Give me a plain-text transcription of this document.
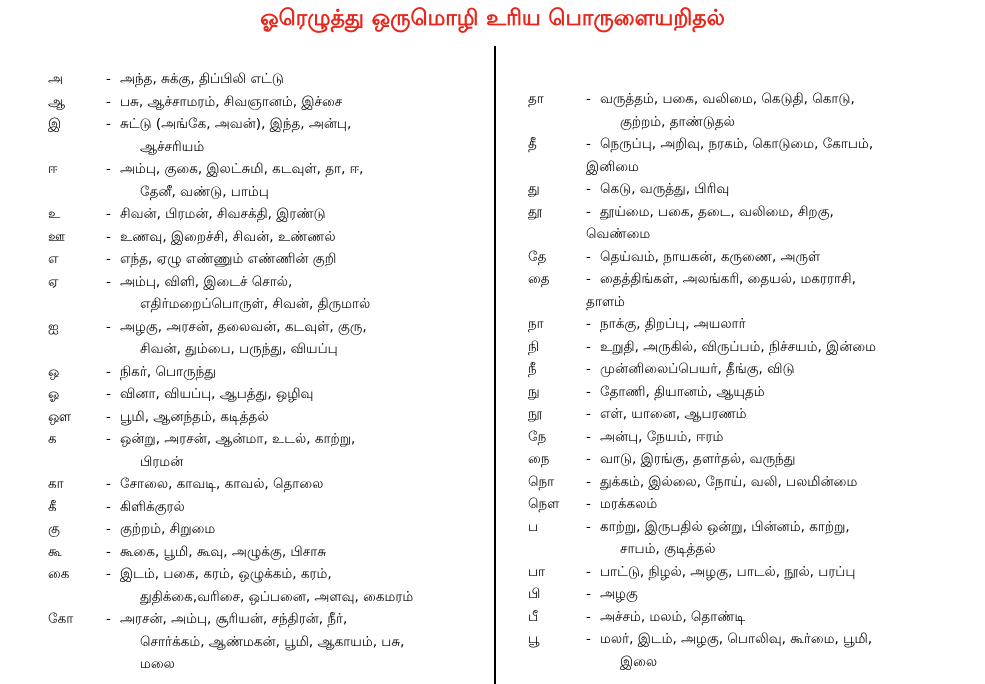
ஓரெழுத்து ஒருமொழி உரிய பொருளையறிதல்
அ	- அந்த, சுக்கு, திப்பிலி எட்டு
ஆ	- பசு, ஆச்சாமரம், சிவஞானம், இச்சை
இ	- சுட்டு (அங்கே, அவன்), இந்த, அன்பு,
ஆச்சரியம்
ஈ	- அம்பு, குகை, இலட்சுமி, கடவுள், தா, ஈ,
தேனீ, வண்டு, பாம்பு
உ	- சிவன், பிரமன், சிவசக்தி, இரண்டு
ஊ	- உணவு, இறைச்சி, சிவன், உண்ணல்
எ	- எந்த, ஏழு எண்ணும் எண்ணின் குறி
ஏ	- அம்பு, விளி, இடைச் சொல்,
எதிர்மறைப்பொருள், சிவன், திருமால்
ஐ	- அழகு, அரசன், தலைவன், கடவுள், குரு,
சிவன், தும்பை, பருந்து, வியப்பு
ஒ	- நிகர், பொருந்து
ஓ	- வினா, வியப்பு, ஆபத்து, ஒழிவு
ஔ	- பூமி, ஆனந்தம், கடித்தல்
க	- ஒன்று, அரசன், ஆன்மா, உடல், காற்று,
பிரமன்
கா	- சோலை, காவடி, காவல், தொலை
கீ	- கிளிக்குரல்
கு	- குற்றம், சிறுமை
கூ	- கூகை, பூமி, கூவு, அழுக்கு, பிசாசு
கை	- இடம், பகை, கரம், ஒழுக்கம், கரம்,
துதிக்கை,வரிசை, ஒப்பனை, அளவு, கைமரம்
கோ	- அரசன், அம்பு, சூரியன், சந்திரன், நீர்,
சொர்க்கம், ஆண்மகன், பூமி, ஆகாயம், பசு,
மலை
தா	- வருத்தம், பகை, வலிமை, கெடுதி, கொடு,
குற்றம், தாண்டுதல்
தீ	- நெருப்பு, அறிவு, நரகம், கொடுமை, கோபம்,
இனிமை
து	- கெடு, வருத்து, பிரிவு
தூ	- தூய்மை, பகை, தடை, வலிமை, சிறகு,
வெண்மை
தே	- தெய்வம், நாயகன், கருணை, அருள்
தை	- தைத்திங்கள், அலங்கரி, தையல், மகரராசி,
தாளம்
நா	- நாக்கு, திறப்பு, அயலார்
நி	- உறுதி, அருகில், விருப்பம், நிச்சயம், இன்மை
நீ	- முன்னிலைப்பெயர், தீங்கு, விடு
நு	- தோணி, தியானம், ஆயுதம்
நூ	- எள், யானை, ஆபரணம்
நே	- அன்பு, நேயம், ஈரம்
நை	- வாடு, இரங்கு, தளர்தல், வருந்து
நொ	- துக்கம், இல்லை, நோய், வலி, பலமின்மை
நௌ	- மரக்கலம்
ப	- காற்று, இருபதில் ஒன்று, பின்னம், காற்று,
சாபம், குடித்தல்
பா	- பாட்டு, நிழல், அழகு, பாடல், நூல், பரப்பு
பி	- அழகு
பீ	- அச்சம், மலம், தொண்டி
பூ	- மலர், இடம், அழகு, பொலிவு, கூர்மை, பூமி,
இலை
